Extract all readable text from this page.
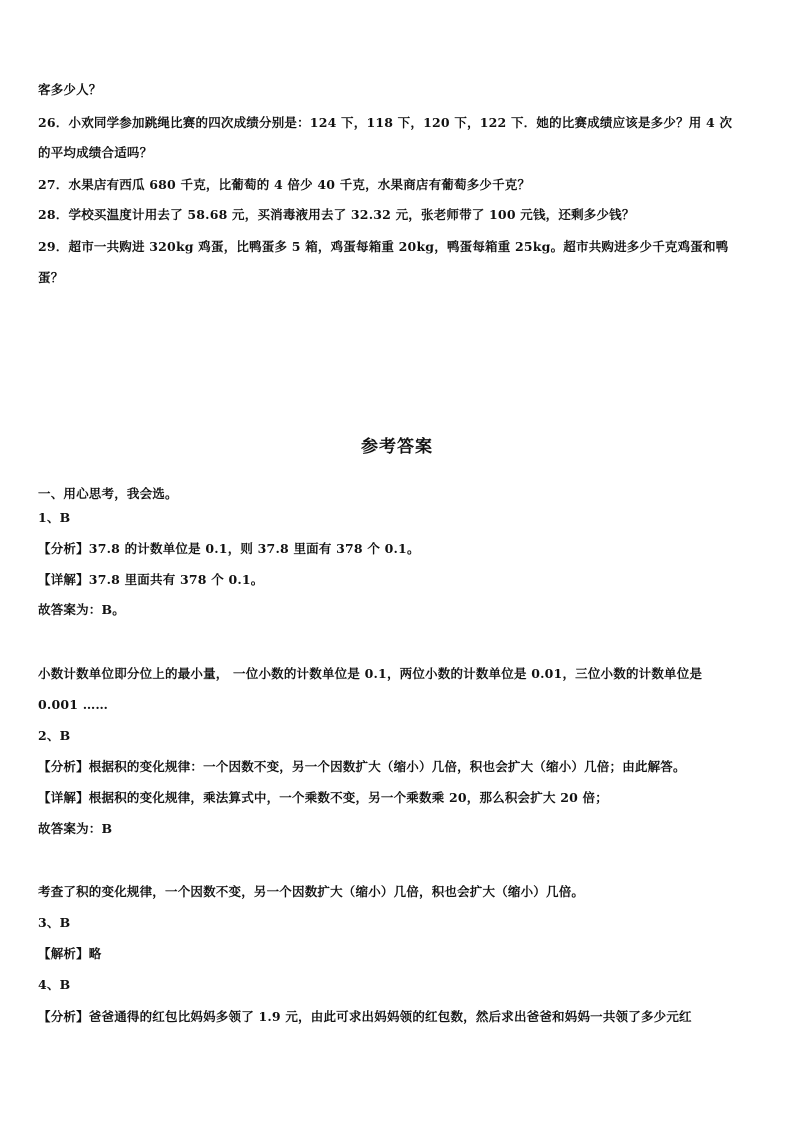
客多少人？
26．小欢同学参加跳绳比赛的四次成绩分别是：124 下，118 下，120 下，122 下．她的比赛成绩应该是多少？用 4 次
的平均成绩合适吗？
27．水果店有西瓜 680 千克，比葡萄的 4 倍少 40 千克，水果商店有葡萄多少千克？
28．学校买温度计用去了 58.68 元，买消毒液用去了 32.32 元，张老师带了 100 元钱，还剩多少钱？
29．超市一共购进 320kg 鸡蛋，比鸭蛋多 5 箱，鸡蛋每箱重 20kg，鸭蛋每箱重 25kg。超市共购进多少千克鸡蛋和鸭
蛋？
参考答案
一、用心思考，我会选。
1、B
【分析】37.8 的计数单位是 0.1，则 37.8 里面有 378 个 0.1。
【详解】37.8 里面共有 378 个 0.1。
故答案为：B。
小数计数单位即分位上的最小量， 一位小数的计数单位是 0.1，两位小数的计数单位是 0.01，三位小数的计数单位是
0.001 ……
2、B
【分析】根据积的变化规律：一个因数不变，另一个因数扩大（缩小）几倍，积也会扩大（缩小）几倍；由此解答。
【详解】根据积的变化规律，乘法算式中，一个乘数不变，另一个乘数乘 20，那么积会扩大 20 倍；
故答案为：B
考查了积的变化规律，一个因数不变，另一个因数扩大（缩小）几倍，积也会扩大（缩小）几倍。
3、B
【解析】略
4、B
【分析】爸爸通得的红包比妈妈多领了 1.9 元，由此可求出妈妈领的红包数，然后求出爸爸和妈妈一共领了多少元红
